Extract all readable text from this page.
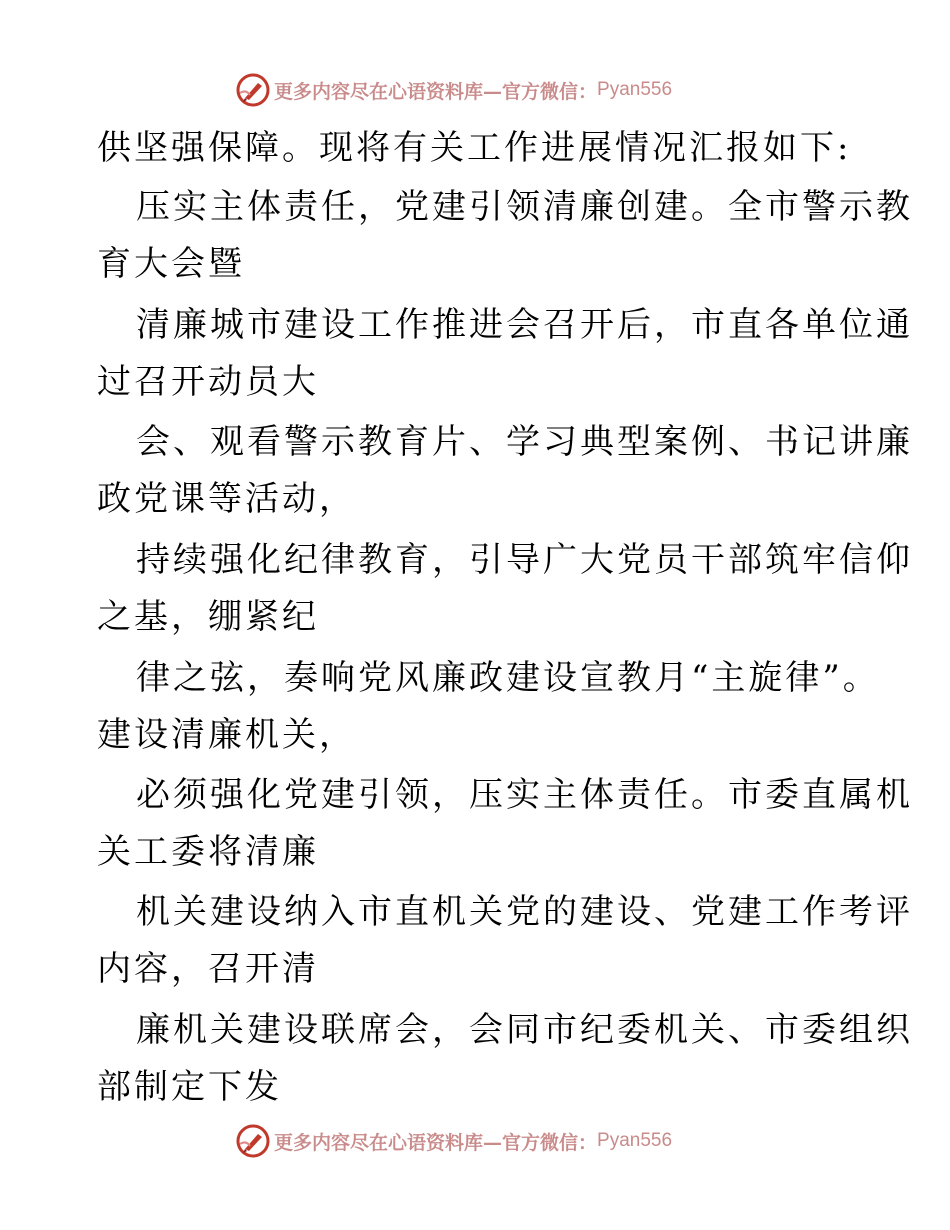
更多内容尽在心语资料库—官方微信： Pyan556
供坚强保障。现将有关工作进展情况汇报如下:
压实主体责任，党建引领清廉创建。全市警示教
育大会暨
清廉城市建设工作推进会召开后，市直各单位通
过召开动员大
会、观看警示教育片、学习典型案例、书记讲廉
政党课等活动，
持续强化纪律教育，引导广大党员干部筑牢信仰
之基，绷紧纪
律之弦，奏响党风廉政建设宣教月“主旋律”。
建设清廉机关，
必须强化党建引领，压实主体责任。市委直属机
关工委将清廉
机关建设纳入市直机关党的建设、党建工作考评
内容，召开清
廉机关建设联席会，会同市纪委机关、市委组织
部制定下发
更多内容尽在心语资料库—官方微信： Pyan556
